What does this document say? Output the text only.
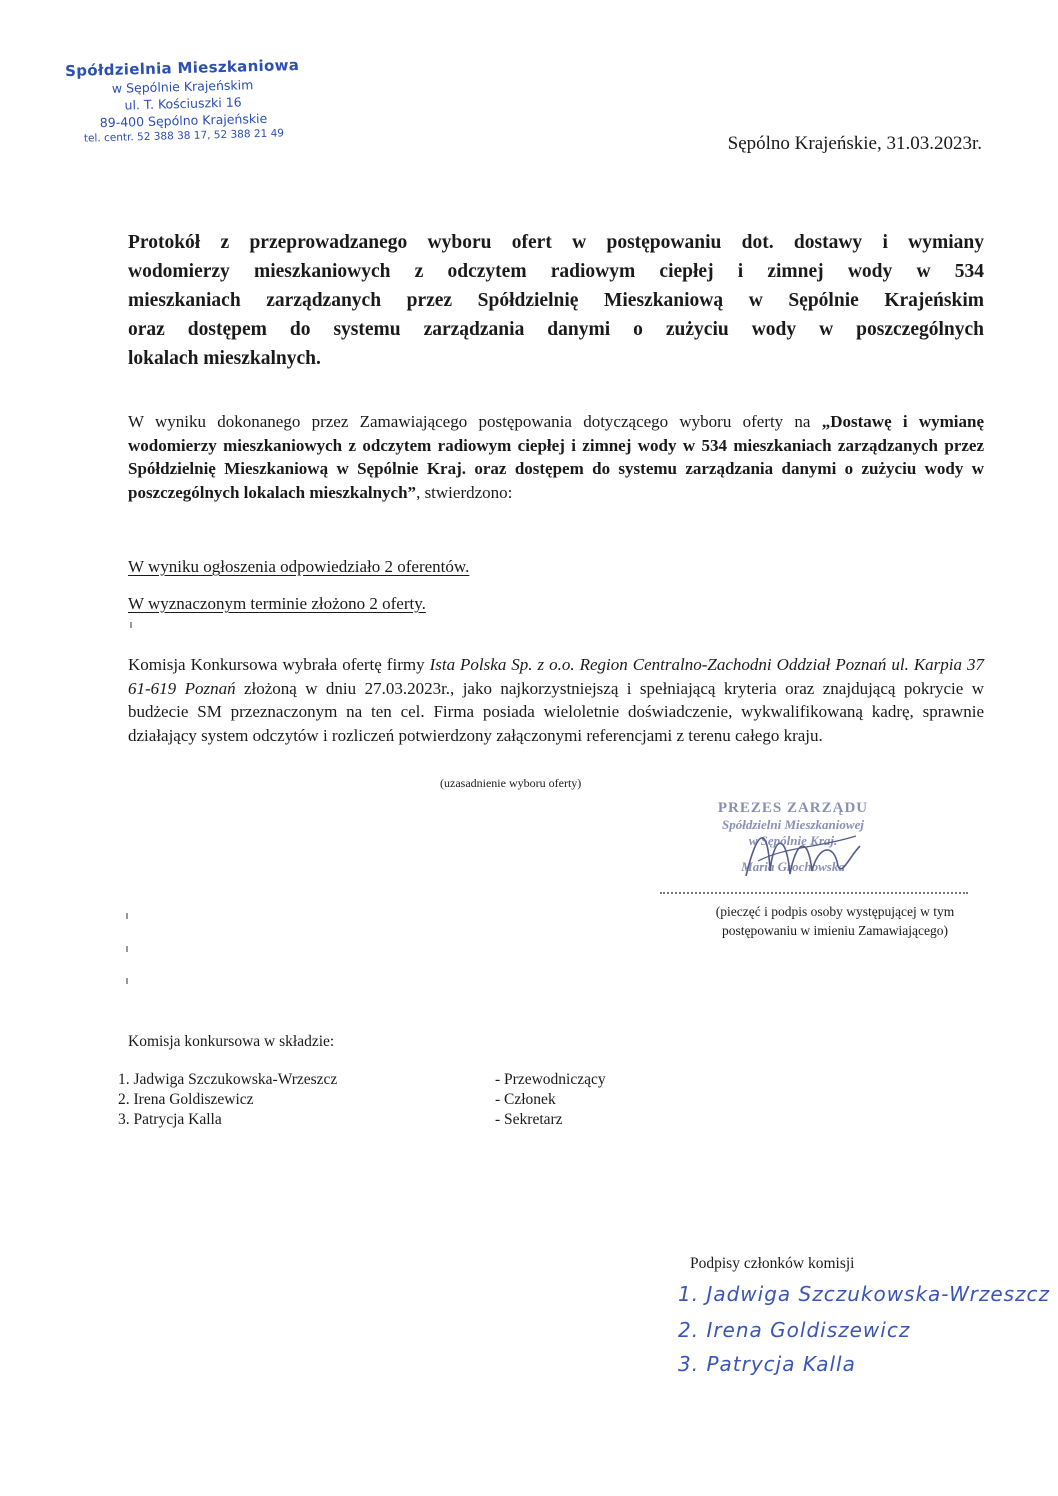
Spółdzielnia Mieszkaniowa
w Sępólnie Krajeńskim
ul. T. Kościuszki 16
89-400 Sępólno Krajeńskie
tel. centr. 52 388 38 17, 52 388 21 49	Sępólno Krajeńskie, 31.03.2023r.
Protokół z przeprowadzanego wyboru ofert w postępowaniu dot. dostawy i wymiany
wodomierzy mieszkaniowych z odczytem radiowym ciepłej i zimnej wody w 534
mieszkaniach zarządzanych przez Spółdzielnię Mieszkaniową w Sępólnie Krajeńskim
oraz dostępem do systemu zarządzania danymi o zużyciu wody w poszczególnych
lokalach mieszkalnych.
W wyniku dokonanego przez Zamawiającego postępowania dotyczącego wyboru oferty na „Dostawę i wymianę wodomierzy mieszkaniowych z odczytem radiowym ciepłej i zimnej wody w 534 mieszkaniach zarządzanych przez Spółdzielnię Mieszkaniową w Sępólnie Kraj. oraz dostępem do systemu zarządzania danymi o zużyciu wody w poszczególnych lokalach mieszkalnych”, stwierdzono:
W wyniku ogłoszenia odpowiedziało 2 oferentów.
W wyznaczonym terminie złożono 2 oferty.
Komisja Konkursowa wybrała ofertę firmy Ista Polska Sp. z o.o. Region Centralno-Zachodni Oddział Poznań ul. Karpia 37 61-619 Poznań złożoną w dniu 27.03.2023r., jako najkorzystniejszą i spełniającą kryteria oraz znajdującą pokrycie w budżecie SM przeznaczonym na ten cel. Firma posiada wieloletnie doświadczenie, wykwalifikowaną kadrę, sprawnie działający system odczytów i rozliczeń potwierdzony załączonymi referencjami z terenu całego kraju.
(uzasadnienie wyboru oferty)
PREZES ZARZĄDU
Spółdzielni Mieszkaniowej
w Sępólnie Kraj.
Maria Grochowska
(pieczęć i podpis osoby występującej w tym
postępowaniu w imieniu Zamawiającego)
Komisja konkursowa w składzie:
1. Jadwiga Szczukowska-Wrzeszcz	- Przewodniczący
2. Irena Goldiszewicz	- Członek
3. Patrycja Kalla	- Sekretarz
Podpisy członków komisji
1. Jadwiga Szczukowska-Wrzeszcz
2. Irena Goldiszewicz
3. Patrycja Kalla
